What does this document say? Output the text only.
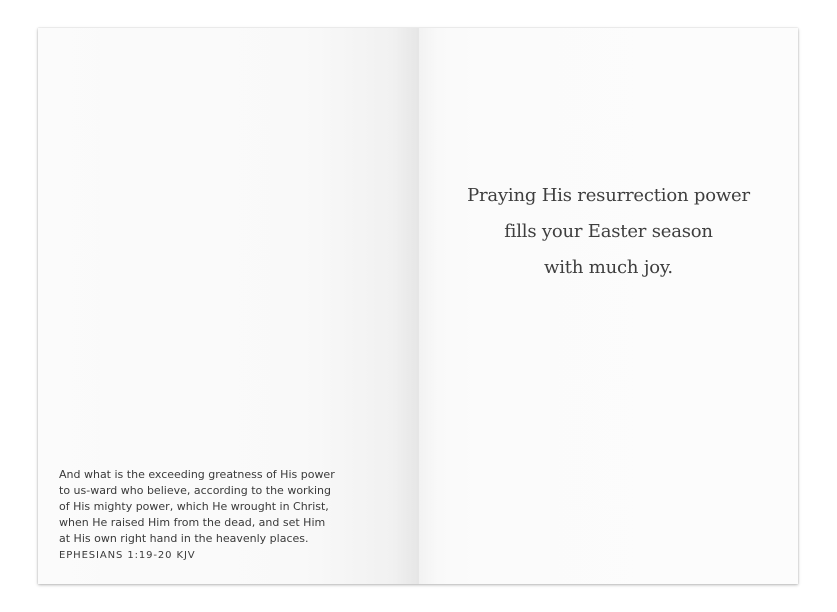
And what is the exceeding greatness of His power
to us-ward who believe, according to the working
of His mighty power, which He wrought in Christ,
when He raised Him from the dead, and set Him
at His own right hand in the heavenly places.
EPHESIANS 1:19-20 KJV
Praying His resurrection power
fills your Easter season
with much joy.
